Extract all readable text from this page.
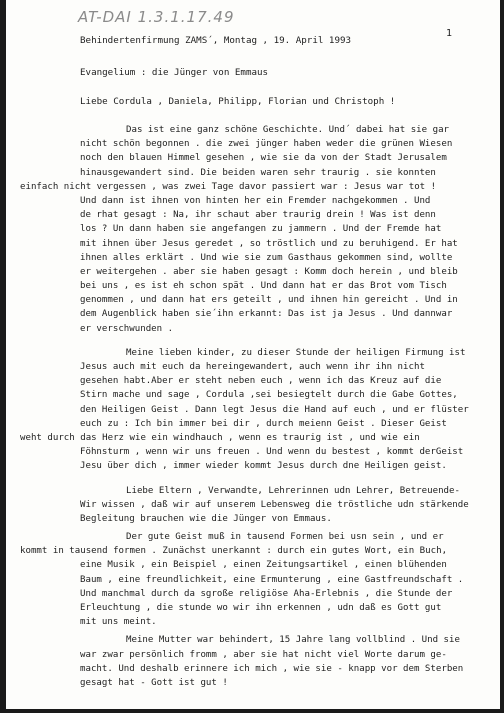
AT-DAI 1.3.1.17.49
1
Behindertenfirmung ZAMS´, Montag , 19. April 1993
Evangelium : die Jünger von Emmaus
Liebe Cordula , Daniela, Philipp, Florian und Christoph !
Das ist eine ganz schöne Geschichte. Und´ dabei hat sie gar
nicht schön begonnen . die zwei jünger haben weder die grünen Wiesen
noch den blauen Himmel gesehen , wie sie da von der Stadt Jerusalem
hinausgewandert sind. Die beiden waren sehr traurig . sie konnten
einfach nicht vergessen , was zwei Tage davor passiert war : Jesus war tot !
Und dann ist ihnen von hinten her ein Fremder nachgekommen . Und
de rhat gesagt : Na, ihr schaut aber traurig drein ! Was ist denn
los ? Un dann haben sie angefangen zu jammern . Und der Fremde hat
mit ihnen über Jesus geredet , so tröstlich und zu beruhigend. Er hat
ihnen alles erklärt . Und wie sie zum Gasthaus gekommen sind, wollte
er weitergehen . aber sie haben gesagt : Komm doch herein , und bleib
bei uns , es ist eh schon spät . Und dann hat er das Brot vom Tisch
genommen , und dann hat ers geteilt , und ihnen hin gereicht . Und in
dem Augenblick haben sie´ihn erkannt: Das ist ja Jesus . Und dannwar
er verschwunden .
Meine lieben kinder, zu dieser Stunde der heiligen Firmung ist
Jesus auch mit euch da hereingewandert, auch wenn ihr ihn nicht
gesehen habt.Aber er steht neben euch , wenn ich das Kreuz auf die
Stirn mache und sage , Cordula ,sei besiegtelt durch die Gabe Gottes,
den Heiligen Geist . Dann legt Jesus die Hand auf euch , und er flüster
euch zu : Ich bin immer bei dir , durch meienn Geist . Dieser Geist
weht durch das Herz wie ein windhauch , wenn es traurig ist , und wie ein
Föhnsturm , wenn wir uns freuen . Und wenn du bestest , kommt derGeist
Jesu über dich , immer wieder kommt Jesus durch dne Heiligen geist.
Liebe Eltern , Verwandte, Lehrerinnen udn Lehrer, Betreuende-
Wir wissen , daß wir auf unserem Lebensweg die tröstliche udn stärkende
Begleitung brauchen wie die Jünger von Emmaus.
Der gute Geist muß in tausend Formen bei usn sein , und er
kommt in tausend formen . Zunächst unerkannt : durch ein gutes Wort, ein Buch,
eine Musik , ein Beispiel , einen Zeitungsartikel , einen blühenden
Baum , eine freundlichkeit, eine Ermunterung , eine Gastfreundschaft .
Und manchmal durch da sgroße religiöse Aha-Erlebnis , die Stunde der
Erleuchtung , die stunde wo wir ihn erkennen , udn daß es Gott gut
mit uns meint.
Meine Mutter war behindert, 15 Jahre lang vollblind . Und sie
war zwar persönlich fromm , aber sie hat nicht viel Worte darum ge-
macht. Und deshalb erinnere ich mich , wie sie - knapp vor dem Sterben
gesagt hat - Gott ist gut !
